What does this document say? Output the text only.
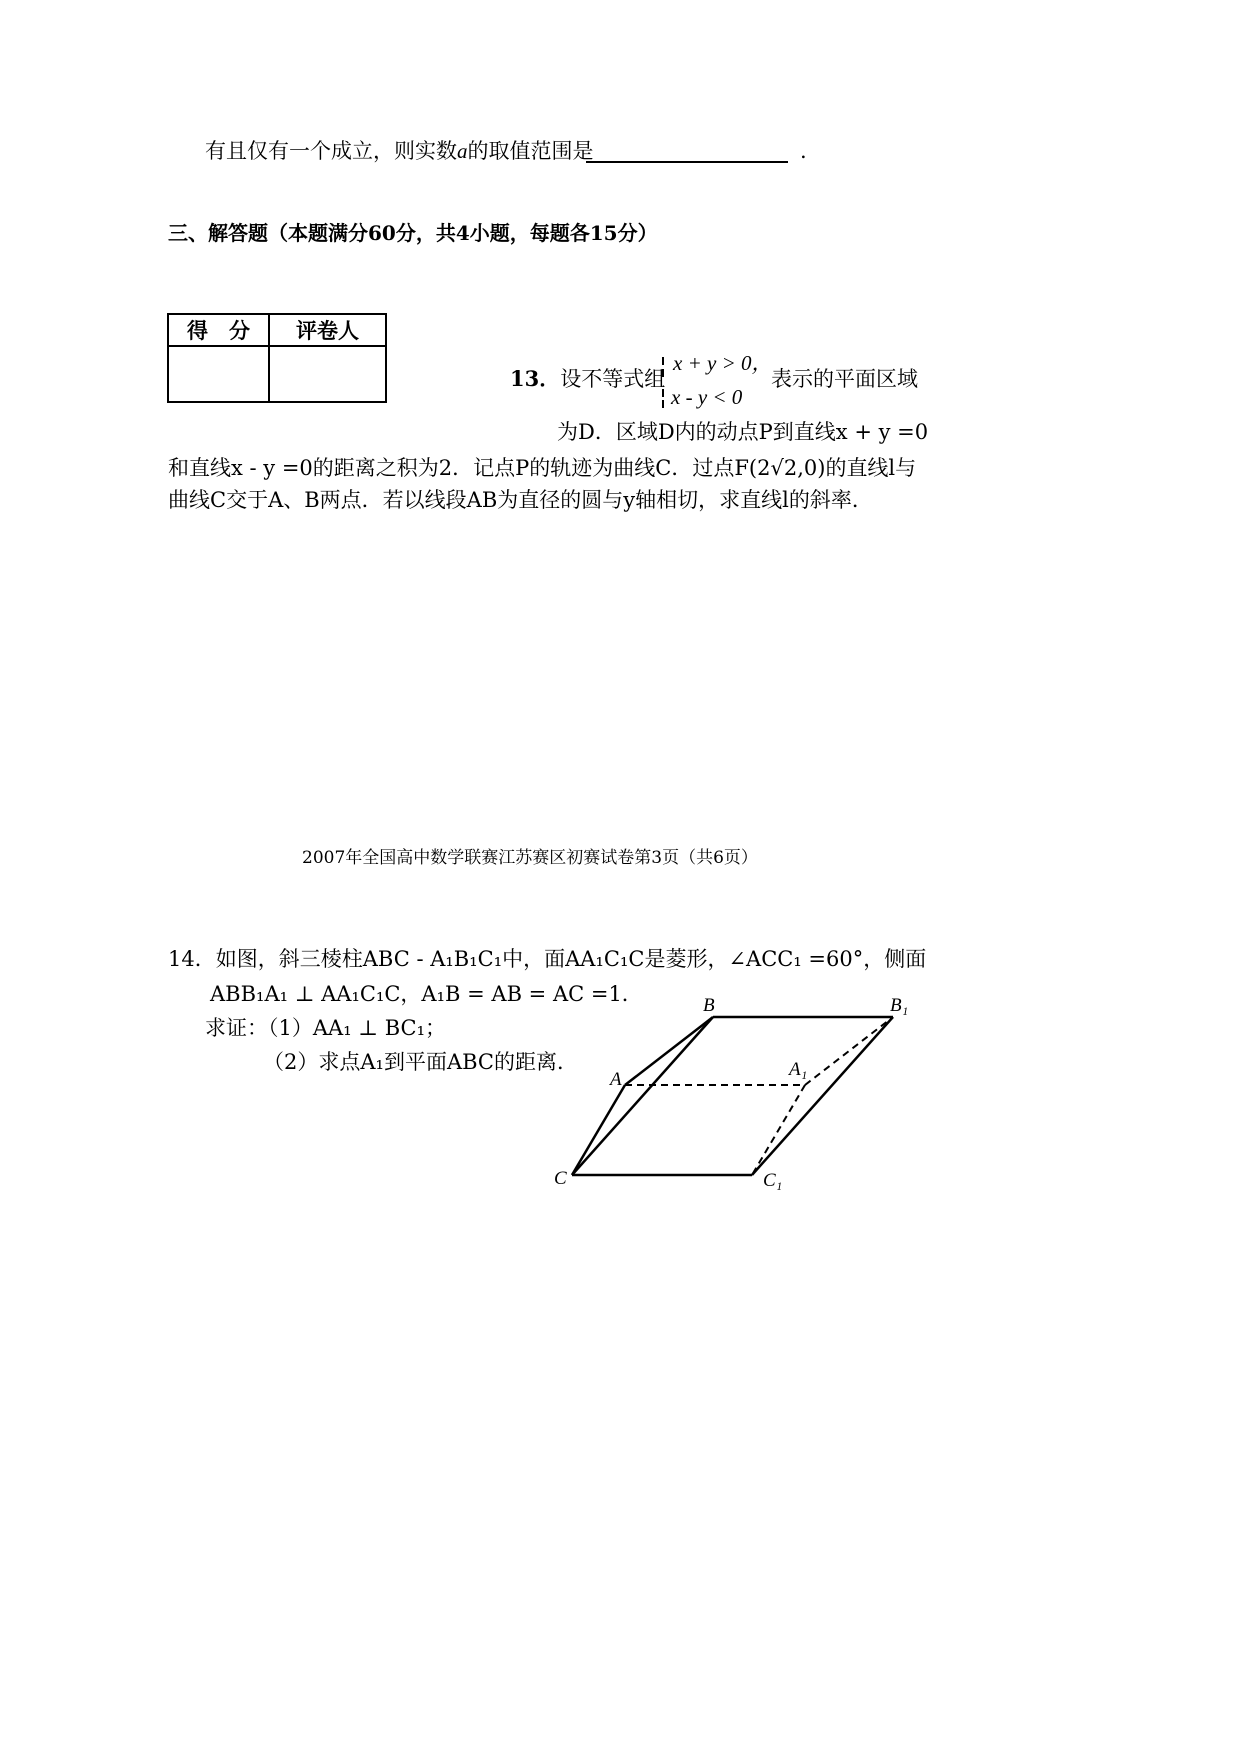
有且仅有一个成立，则实数a的取值范围是	.
三、解答题（本题满分60分，共4小题，每题各15分）
得　分	评卷人

13．设不等式组
x + y > 0，
x - y < 0
表示的平面区域
为D．区域D内的动点P到直线x + y =0
和直线x - y =0的距离之积为2．记点P的轨迹为曲线C．过点F(2√2,0)的直线l与
曲线C交于A、B两点．若以线段AB为直径的圆与y轴相切，求直线l的斜率．
2007年全国高中数学联赛江苏赛区初赛试卷第3页（共6页）
14．如图，斜三棱柱ABC - A₁B₁C₁中，面AA₁C₁C是菱形，∠ACC₁ =60°，侧面
ABB₁A₁ ⊥ AA₁C₁C，A₁B = AB = AC =1．
求证：（1）AA₁ ⊥ BC₁；
（2）求点A₁到平面ABC的距离．
B	B₁
A	A₁
C	C₁
